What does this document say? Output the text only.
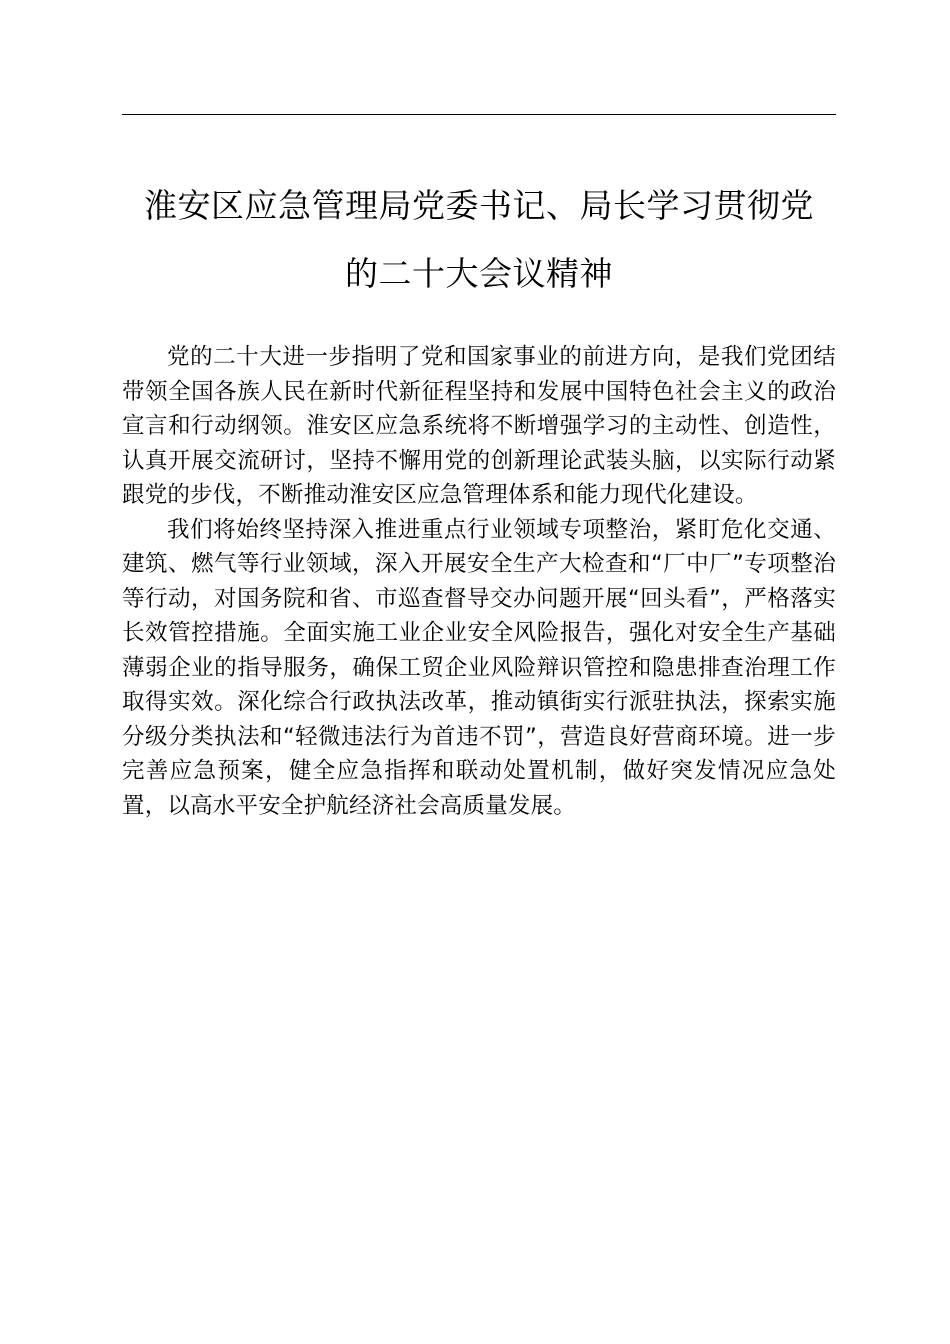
淮安区应急管理局党委书记、局长学习贯彻党
的二十大会议精神

党的二十大进一步指明了党和国家事业的前进方向，是我们党团结带领全国各族人民在新时代新征程坚持和发展中国特色社会主义的政治宣言和行动纲领。淮安区应急系统将不断增强学习的主动性、创造性，认真开展交流研讨，坚持不懈用党的创新理论武装头脑，以实际行动紧跟党的步伐，不断推动淮安区应急管理体系和能力现代化建设。

我们将始终坚持深入推进重点行业领域专项整治，紧盯危化交通、建筑、燃气等行业领域，深入开展安全生产大检查和“厂中厂”专项整治等行动，对国务院和省、市巡查督导交办问题开展“回头看”，严格落实长效管控措施。全面实施工业企业安全风险报告，强化对安全生产基础薄弱企业的指导服务，确保工贸企业风险辩识管控和隐患排查治理工作取得实效。深化综合行政执法改革，推动镇街实行派驻执法，探索实施分级分类执法和“轻微违法行为首违不罚”，营造良好营商环境。进一步完善应急预案，健全应急指挥和联动处置机制，做好突发情况应急处置，以高水平安全护航经济社会高质量发展。
